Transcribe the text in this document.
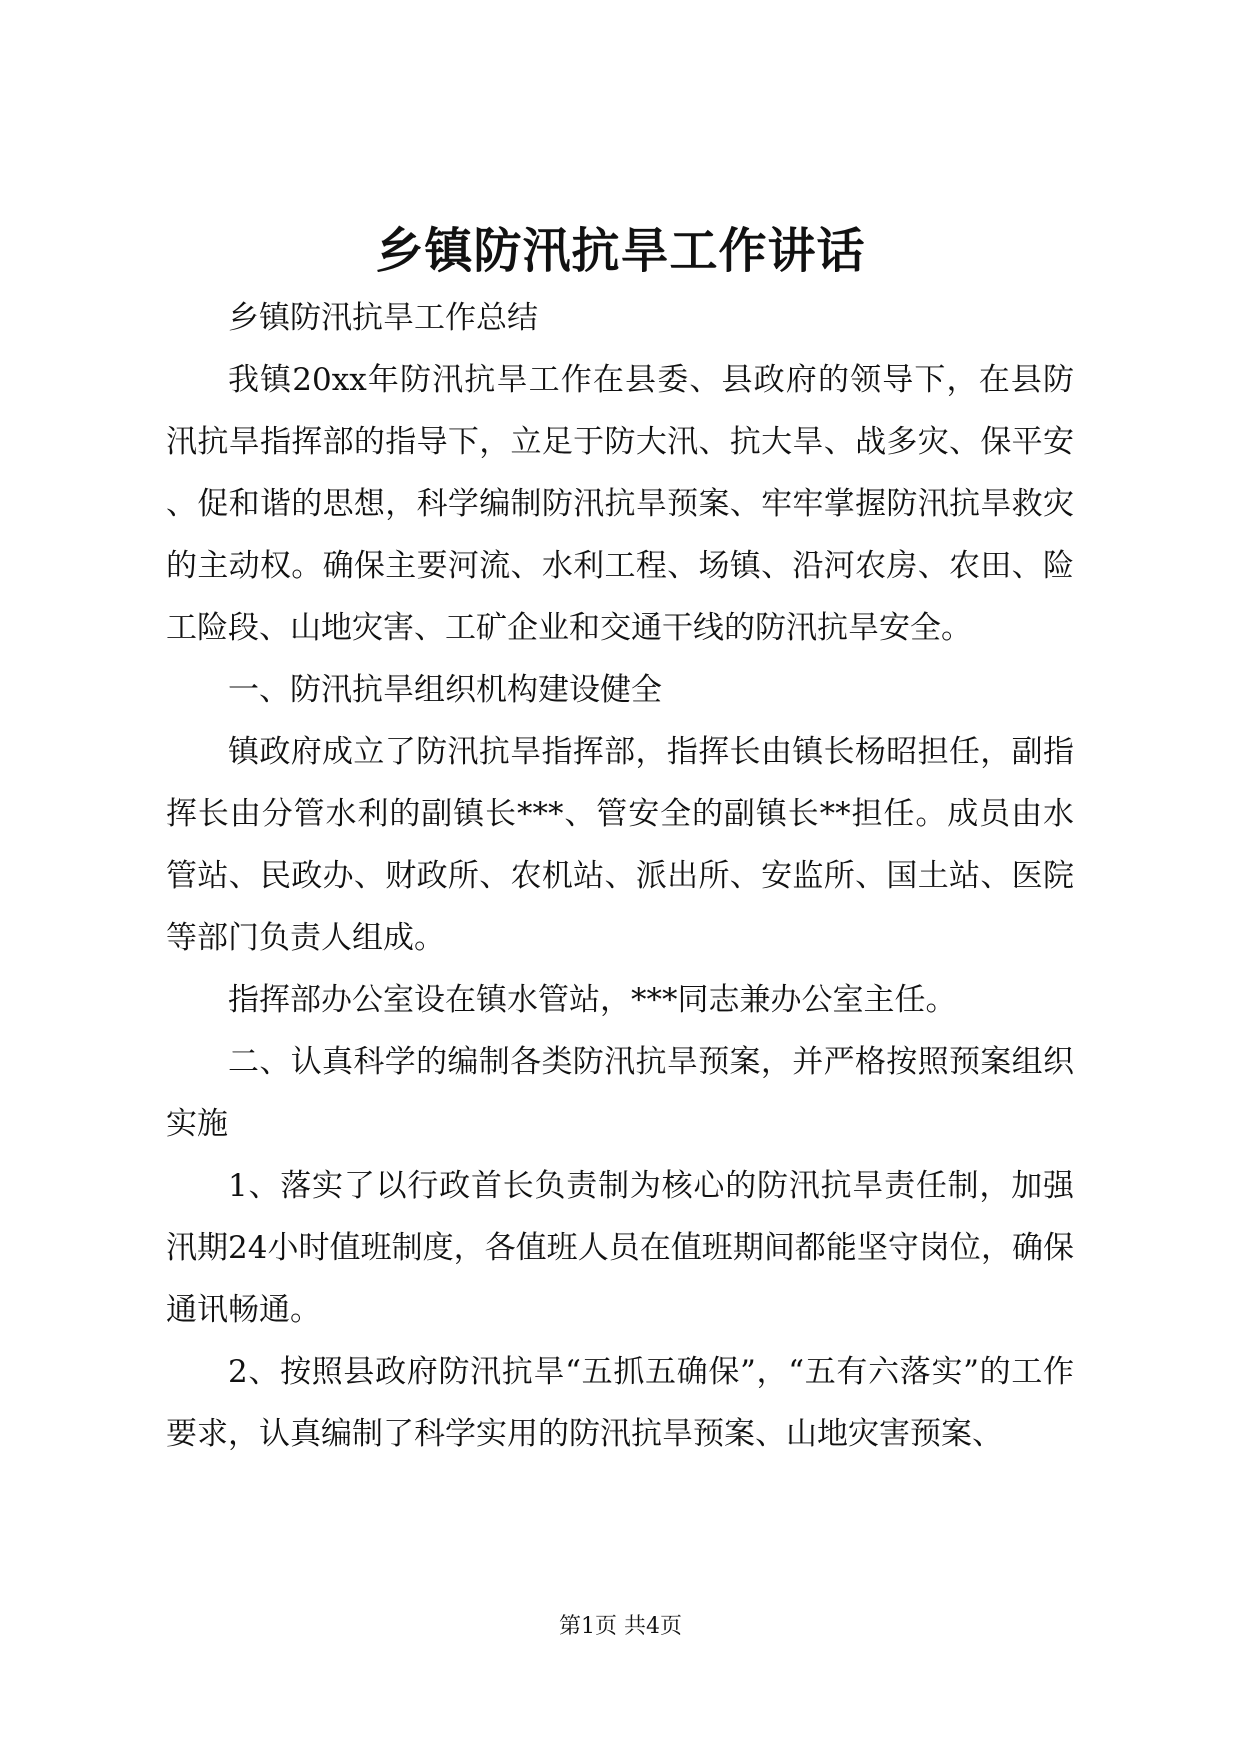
乡镇防汛抗旱工作讲话

乡镇防汛抗旱工作总结

我镇20xx年防汛抗旱工作在县委、县政府的领导下，在县防汛抗旱指挥部的指导下，立足于防大汛、抗大旱、战多灾、保平安、促和谐的思想，科学编制防汛抗旱预案、牢牢掌握防汛抗旱救灾的主动权。确保主要河流、水利工程、场镇、沿河农房、农田、险工险段、山地灾害、工矿企业和交通干线的防汛抗旱安全。

一、防汛抗旱组织机构建设健全

镇政府成立了防汛抗旱指挥部，指挥长由镇长杨昭担任，副指挥长由分管水利的副镇长***、管安全的副镇长**担任。成员由水管站、民政办、财政所、农机站、派出所、安监所、国土站、医院等部门负责人组成。

指挥部办公室设在镇水管站，***同志兼办公室主任。

二、认真科学的编制各类防汛抗旱预案，并严格按照预案组织实施

1、落实了以行政首长负责制为核心的防汛抗旱责任制，加强汛期24小时值班制度，各值班人员在值班期间都能坚守岗位，确保通讯畅通。

2、按照县政府防汛抗旱“五抓五确保”，“五有六落实”的工作要求，认真编制了科学实用的防汛抗旱预案、山地灾害预案、

第1页 共4页
